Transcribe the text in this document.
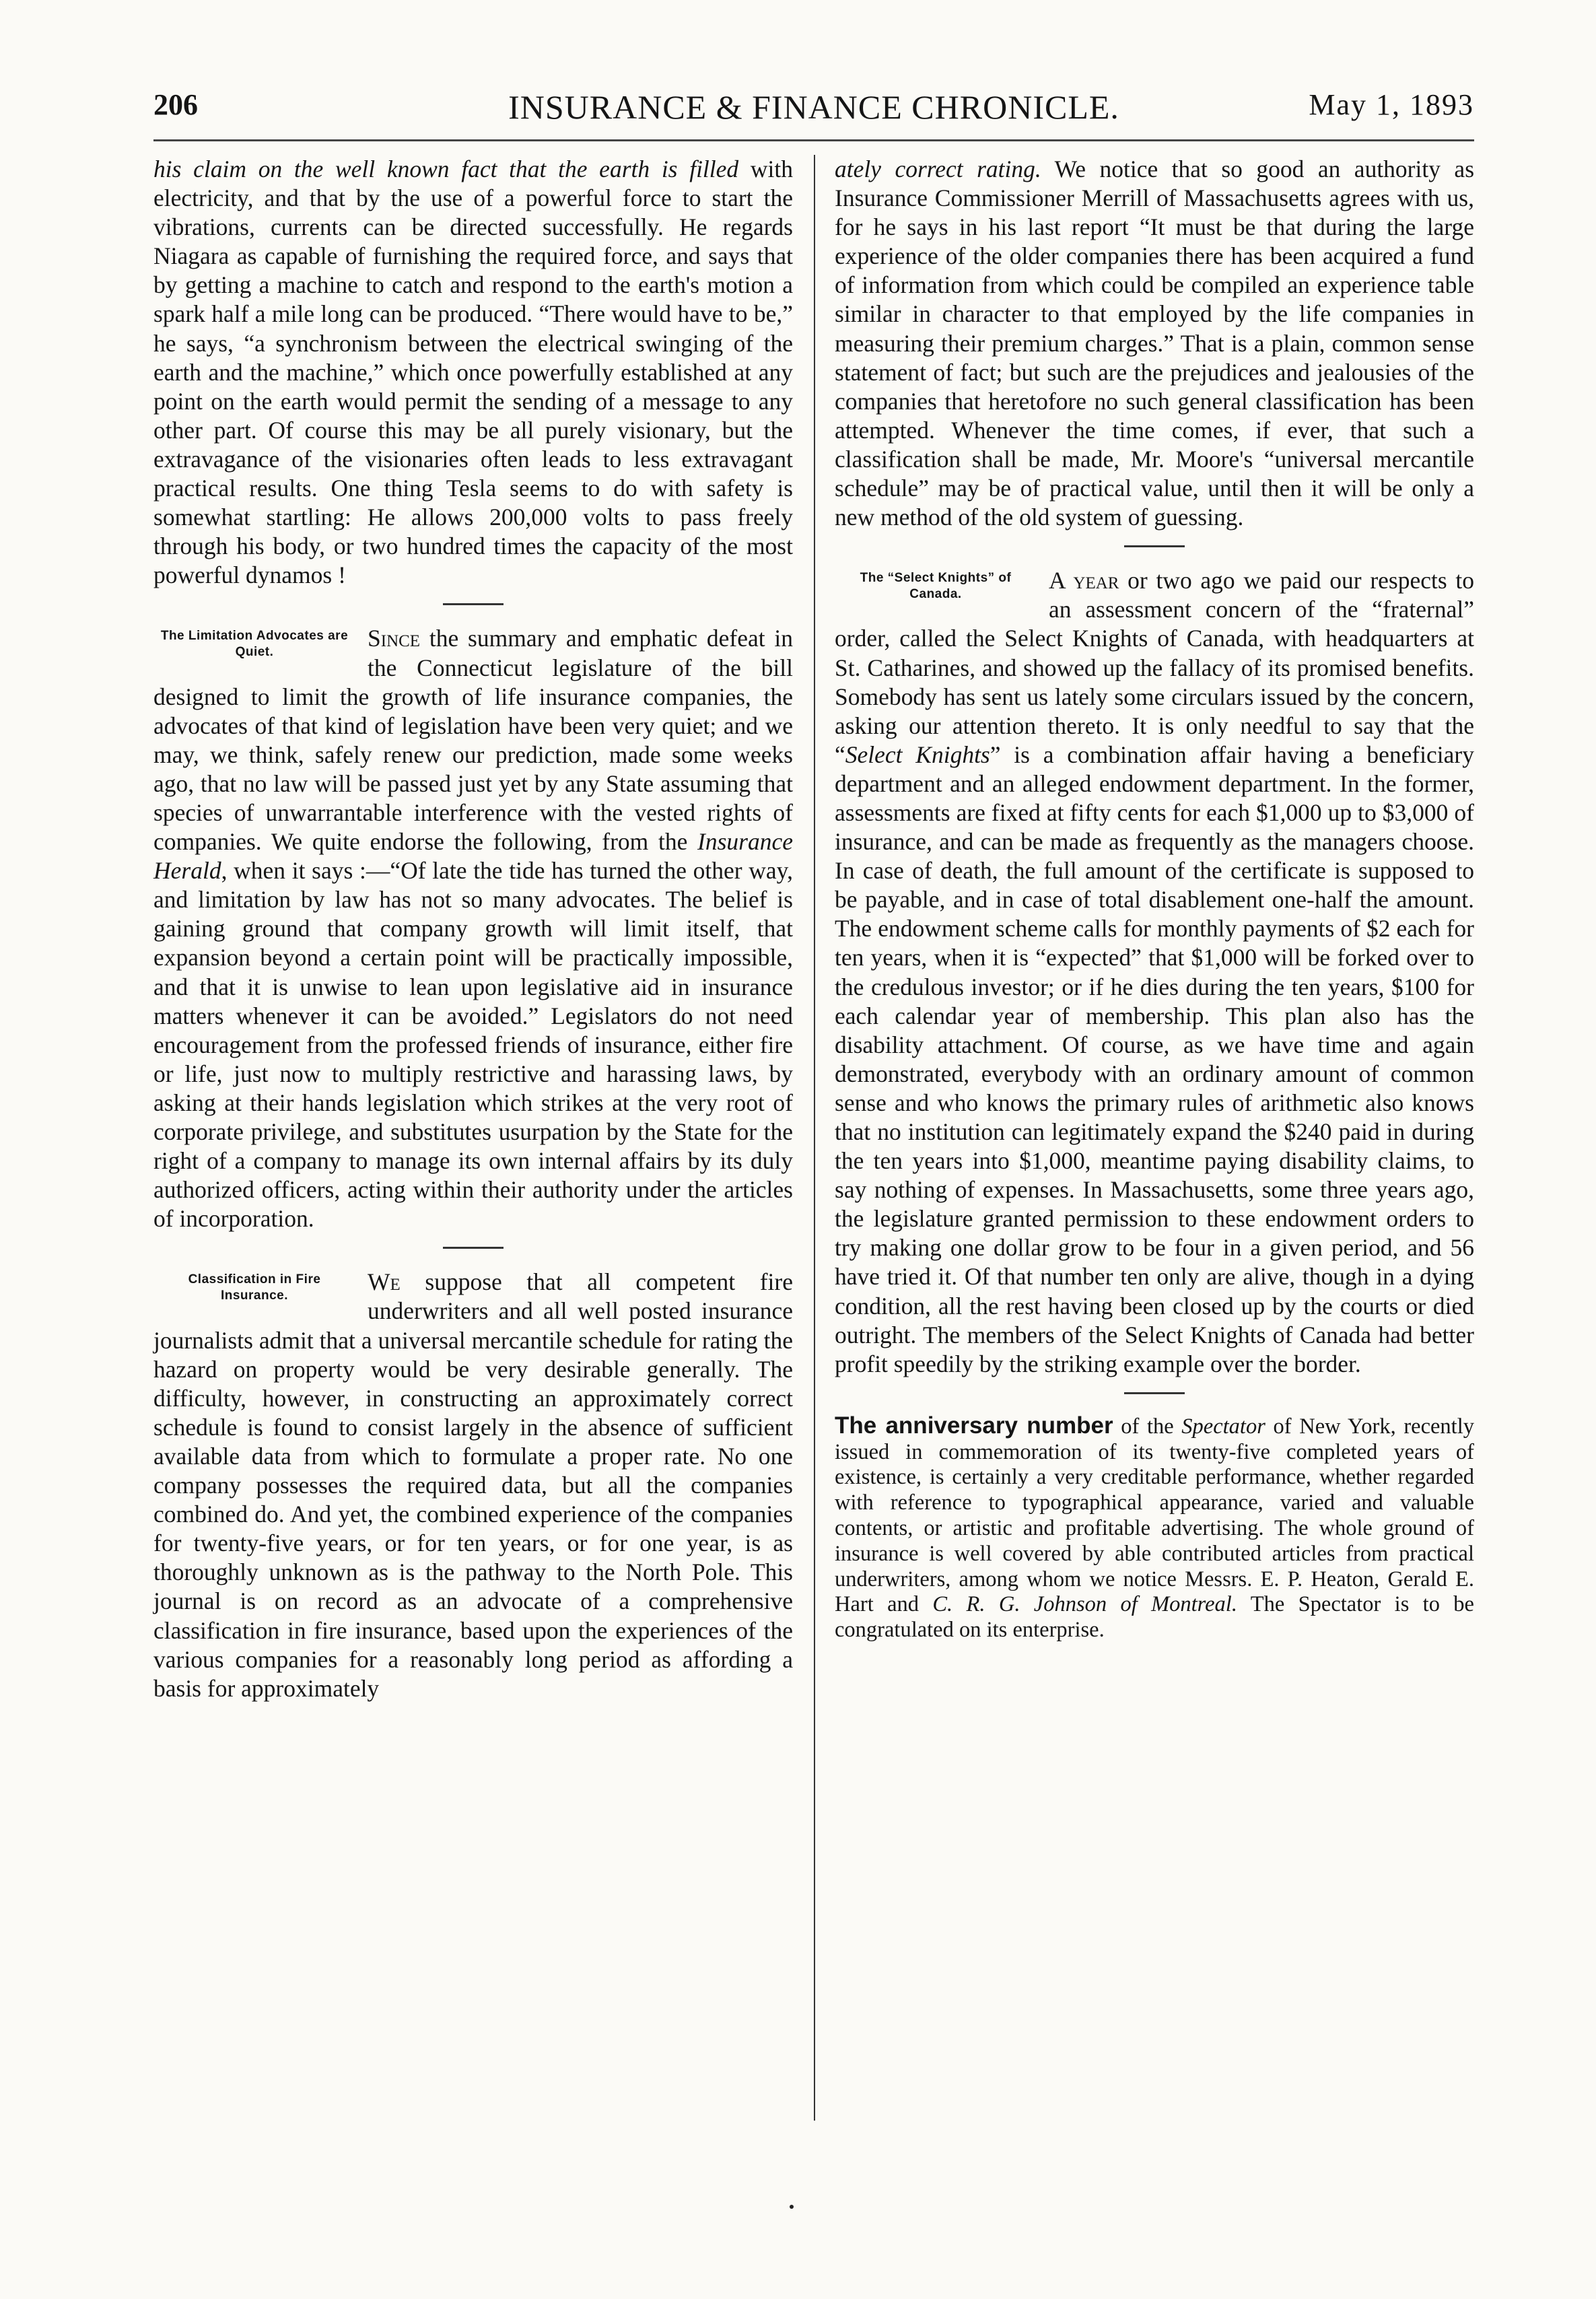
206	INSURANCE & FINANCE CHRONICLE.	May 1, 1893

his claim on the well known fact that the earth is filled with electricity, and that by the use of a powerful force to start the vibrations, currents can be directed successfully. He regards Niagara as capable of furnishing the required force, and says that by getting a machine to catch and respond to the earth's motion a spark half a mile long can be produced. “There would have to be,” he says, “a synchronism between the electrical swinging of the earth and the machine,” which once powerfully established at any point on the earth would permit the sending of a message to any other part. Of course this may be all purely visionary, but the extravagance of the visionaries often leads to less extravagant practical results. One thing Tesla seems to do with safety is somewhat startling: He allows 200,000 volts to pass freely through his body, or two hundred times the capacity of the most powerful dynamos !

The Limitation Advocates are Quiet.
Since the summary and emphatic defeat in the Connecticut legislature of the bill designed to limit the growth of life insurance companies, the advocates of that kind of legislation have been very quiet; and we may, we think, safely renew our prediction, made some weeks ago, that no law will be passed just yet by any State assuming that species of unwarrantable interference with the vested rights of companies. We quite endorse the following, from the Insurance Herald, when it says :—“Of late the tide has turned the other way, and limitation by law has not so many advocates. The belief is gaining ground that company growth will limit itself, that expansion beyond a certain point will be practically impossible, and that it is unwise to lean upon legislative aid in insurance matters whenever it can be avoided.” Legislators do not need encouragement from the professed friends of insurance, either fire or life, just now to multiply restrictive and harassing laws, by asking at their hands legislation which strikes at the very root of corporate privilege, and substitutes usurpation by the State for the right of a company to manage its own internal affairs by its duly authorized officers, acting within their authority under the articles of incorporation.

Classification in Fire Insurance.
We suppose that all competent fire underwriters and all well posted insurance journalists admit that a universal mercantile schedule for rating the hazard on property would be very desirable generally. The difficulty, however, in constructing an approximately correct schedule is found to consist largely in the absence of sufficient available data from which to formulate a proper rate. No one company possesses the required data, but all the companies combined do. And yet, the combined experience of the companies for twenty-five years, or for ten years, or for one year, is as thoroughly unknown as is the pathway to the North Pole. This journal is on record as an advocate of a comprehensive classification in fire insurance, based upon the experiences of the various companies for a reasonably long period as affording a basis for approximately

ately correct rating. We notice that so good an authority as Insurance Commissioner Merrill of Massachusetts agrees with us, for he says in his last report “It must be that during the large experience of the older companies there has been acquired a fund of information from which could be compiled an experience table similar in character to that employed by the life companies in measuring their premium charges.” That is a plain, common sense statement of fact; but such are the prejudices and jealousies of the companies that heretofore no such general classification has been attempted. Whenever the time comes, if ever, that such a classification shall be made, Mr. Moore's “universal mercantile schedule” may be of practical value, until then it will be only a new method of the old system of guessing.

The “Select Knights” of Canada.
A year or two ago we paid our respects to an assessment concern of the “fraternal” order, called the Select Knights of Canada, with headquarters at St. Catharines, and showed up the fallacy of its promised benefits. Somebody has sent us lately some circulars issued by the concern, asking our attention thereto. It is only needful to say that the “Select Knights” is a combination affair having a beneficiary department and an alleged endowment department. In the former, assessments are fixed at fifty cents for each $1,000 up to $3,000 of insurance, and can be made as frequently as the managers choose. In case of death, the full amount of the certificate is supposed to be payable, and in case of total disablement one-half the amount. The endowment scheme calls for monthly payments of $2 each for ten years, when it is “expected” that $1,000 will be forked over to the credulous investor; or if he dies during the ten years, $100 for each calendar year of membership. This plan also has the disability attachment. Of course, as we have time and again demonstrated, everybody with an ordinary amount of common sense and who knows the primary rules of arithmetic also knows that no institution can legitimately expand the $240 paid in during the ten years into $1,000, meantime paying disability claims, to say nothing of expenses. In Massachusetts, some three years ago, the legislature granted permission to these endowment orders to try making one dollar grow to be four in a given period, and 56 have tried it. Of that number ten only are alive, though in a dying condition, all the rest having been closed up by the courts or died outright. The members of the Select Knights of Canada had better profit speedily by the striking example over the border.

The anniversary number of the Spectator of New York, recently issued in commemoration of its twenty-five completed years of existence, is certainly a very creditable performance, whether regarded with reference to typographical appearance, varied and valuable contents, or artistic and profitable advertising. The whole ground of insurance is well covered by able contributed articles from practical underwriters, among whom we notice Messrs. E. P. Heaton, Gerald E. Hart and C. R. G. Johnson of Montreal. The Spectator is to be congratulated on its enterprise.
